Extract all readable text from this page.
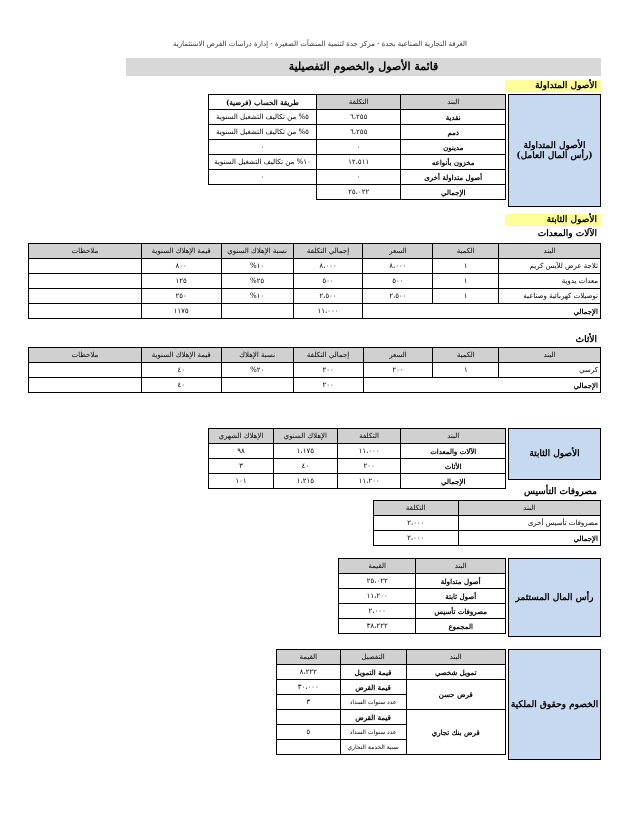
الغرفة التجارية الصناعية بجدة - مركز جدة لتنمية المنشآت الصغيرة - إدارة دراسات الفرص الاستثمارية
قائمة الأصول والخصوم التفصيلية
الأصول المتداولة
الأصول المتداولة
(رأس المال العامل)
البند	التكلفة	طريقة الحساب (فرضية)
نقدية	٦،٢٥٥	٥% من تكاليف التشغيل السنوية
ذمم	٦،٢٥٥	٥% من تكاليف التشغيل السنوية
مدينون	٠	٠
مخزون بأنواعه	١٢،٥١١	١٠% من تكاليف التشغيل السنوية
أصول متداولة أخرى	٠	٠
الإجمالي	٢٥،٠٢٢	
الأصول الثابتة
الآلات والمعدات
البند	الكمية	السعر	إجمالي التكلفة	نسبة الإهلاك السنوي	قيمة الإهلاك السنوية	ملاحظات
ثلاجة عرض للآيس كريم	١	٨،٠٠٠	٨،٠٠٠	١٠%	٨٠٠	
معدات يدوية	١	٥٠٠	٥٠٠	٢٥%	١٢٥	
توصيلات كهربائية وصناعية	١	٢،٥٠٠	٢،٥٠٠	١٠%	٢٥٠	
الإجمالي			١١،٠٠٠		١١٧٥	
الأثاث
البند	الكمية	السعر	إجمالي التكلفة	نسبة الإهلاك	قيمة الإهلاك السنوية	ملاحظات
كرسي	١	٢٠٠	٢٠٠	٢٠%	٤٠	
الإجمالي			٢٠٠		٤٠	
الأصول الثابتة
البند	التكلفة	الإهلاك السنوي	الإهلاك الشهري
الآلات والمعدات	١١،٠٠٠	١،١٧٥	٩٨
الأثاث	٢٠٠	٤٠	٣
الإجمالي	١١،٢٠٠	١،٢١٥	١٠١
مصروفات التأسيس
البند	التكلفة
مصروفات تأسيس أخرى	٢،٠٠٠
الإجمالي	٢،٠٠٠
رأس المال المستثمر
البند	القيمة
أصول متداولة	٢٥،٠٢٢
أصول ثابتة	١١،٢٠٠
مصروفات تأسيس	٢،٠٠٠
المجموع	٣٨،٢٢٢
الخصوم وحقوق الملكية
البند	التفصيل	القيمة
تمويل شخصي	قيمة التمويل	٨،٢٢٢
قرض حسن	قيمة القرض	٣٠،٠٠٠
	عدد سنوات السداد	٣
قرض بنك تجاري	قيمة القرض	
	عدد سنوات السداد	٥
	نسبة الخدمة التجاري	
